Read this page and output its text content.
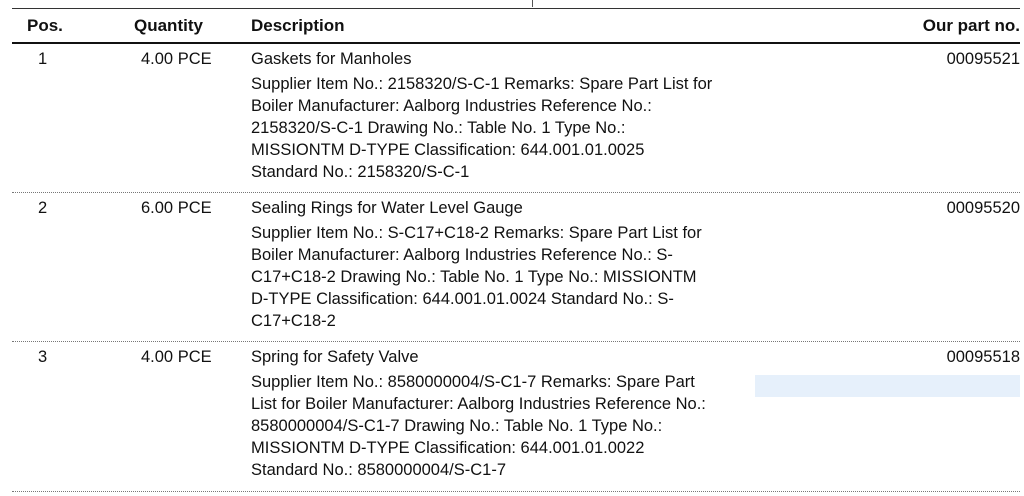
Pos.	Quantity	Description	Our part no.
1	4.00 PCE Gaskets for Manholes	00095521
Supplier Item No.: 2158320/S-C-1 Remarks: Spare Part List for
Boiler Manufacturer: Aalborg Industries Reference No.:
2158320/S-C-1 Drawing No.: Table No. 1 Type No.:
MISSIONTM D-TYPE Classification: 644.001.01.0025
Standard No.: 2158320/S-C-1
2	6.00 PCE Sealing Rings for Water Level Gauge	00095520
Supplier Item No.: S-C17+C18-2 Remarks: Spare Part List for
Boiler Manufacturer: Aalborg Industries Reference No.: S-
C17+C18-2 Drawing No.: Table No. 1 Type No.: MISSIONTM
D-TYPE Classification: 644.001.01.0024 Standard No.: S-
C17+C18-2
3	4.00 PCE Spring for Safety Valve	00095518
Supplier Item No.: 8580000004/S-C1-7 Remarks: Spare Part
List for Boiler Manufacturer: Aalborg Industries Reference No.:
8580000004/S-C1-7 Drawing No.: Table No. 1 Type No.:
MISSIONTM D-TYPE Classification: 644.001.01.0022
Standard No.: 8580000004/S-C1-7
